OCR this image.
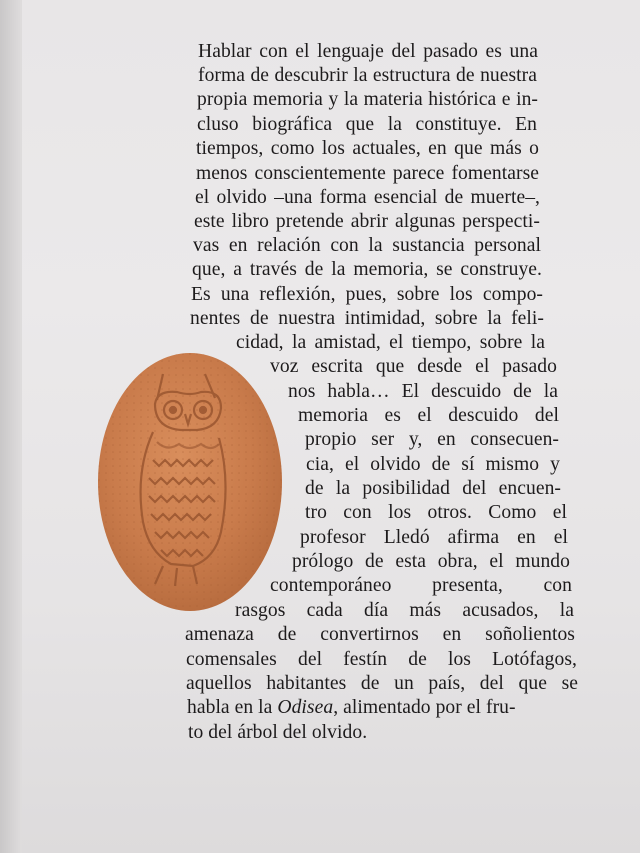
Hablar con el lenguaje del pasado es una
forma de descubrir la estructura de nuestra
propia memoria y la materia histórica e in-
cluso biográfica que la constituye. En
tiempos, como los actuales, en que más o
menos conscientemente parece fomentarse
el olvido –una forma esencial de muerte–,
este libro pretende abrir algunas perspecti-
vas en relación con la sustancia personal
que, a través de la memoria, se construye.
Es una reflexión, pues, sobre los compo-
nentes de nuestra intimidad, sobre la feli-
cidad, la amistad, el tiempo, sobre la
voz escrita que desde el pasado
nos habla… El descuido de la
memoria es el descuido del
propio ser y, en consecuen-
cia, el olvido de sí mismo y
de la posibilidad del encuen-
tro con los otros. Como el
profesor Lledó afirma en el
prólogo de esta obra, el mundo
contemporáneo presenta, con
rasgos cada día más acusados, la
amenaza de convertirnos en soñolientos
comensales del festín de los Lotófagos,
aquellos habitantes de un país, del que se
habla en la Odisea, alimentado por el fru-
to del árbol del olvido.
